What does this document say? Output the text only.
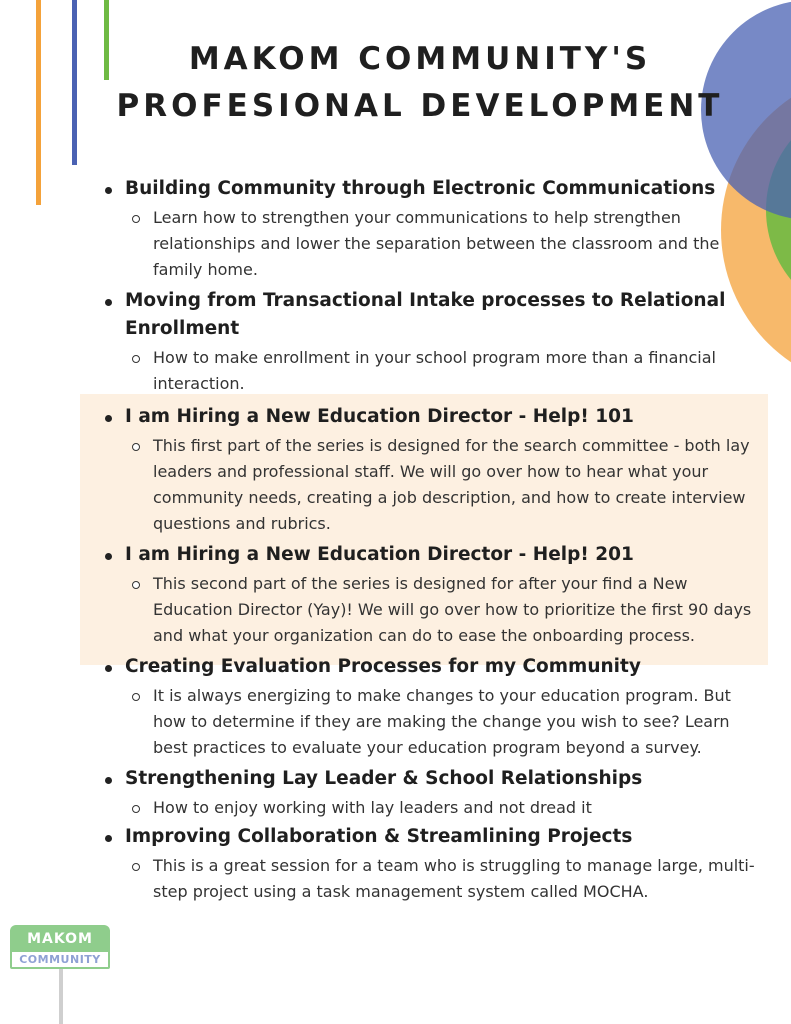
MAKOM COMMUNITY'S
PROFESIONAL DEVELOPMENT
Building Community through Electronic Communications
Learn how to strengthen your communications to help strengthen relationships and lower the separation between the classroom and the family home.
Moving from Transactional Intake processes to Relational Enrollment
How to make enrollment in your school program more than a financial interaction.
I am Hiring a New Education Director - Help! 101
This first part of the series is designed for the search committee - both lay leaders and professional staff. We will go over how to hear what your community needs, creating a job description, and how to create interview questions and rubrics.
I am Hiring a New Education Director - Help! 201
This second part of the series is designed for after your find a New Education Director (Yay)! We will go over how to prioritize the first 90 days and what your organization can do to ease the onboarding process.
Creating Evaluation Processes for my Community
It is always energizing to make changes to your education program. But how to determine if they are making the change you wish to see? Learn best practices to evaluate your education program beyond a survey.
Strengthening Lay Leader & School Relationships
How to enjoy working with lay leaders and not dread it
Improving Collaboration & Streamlining Projects
This is a great session for a team who is struggling to manage large, multi-step project using a task management system called MOCHA.
MAKOM
COMMUNITY
